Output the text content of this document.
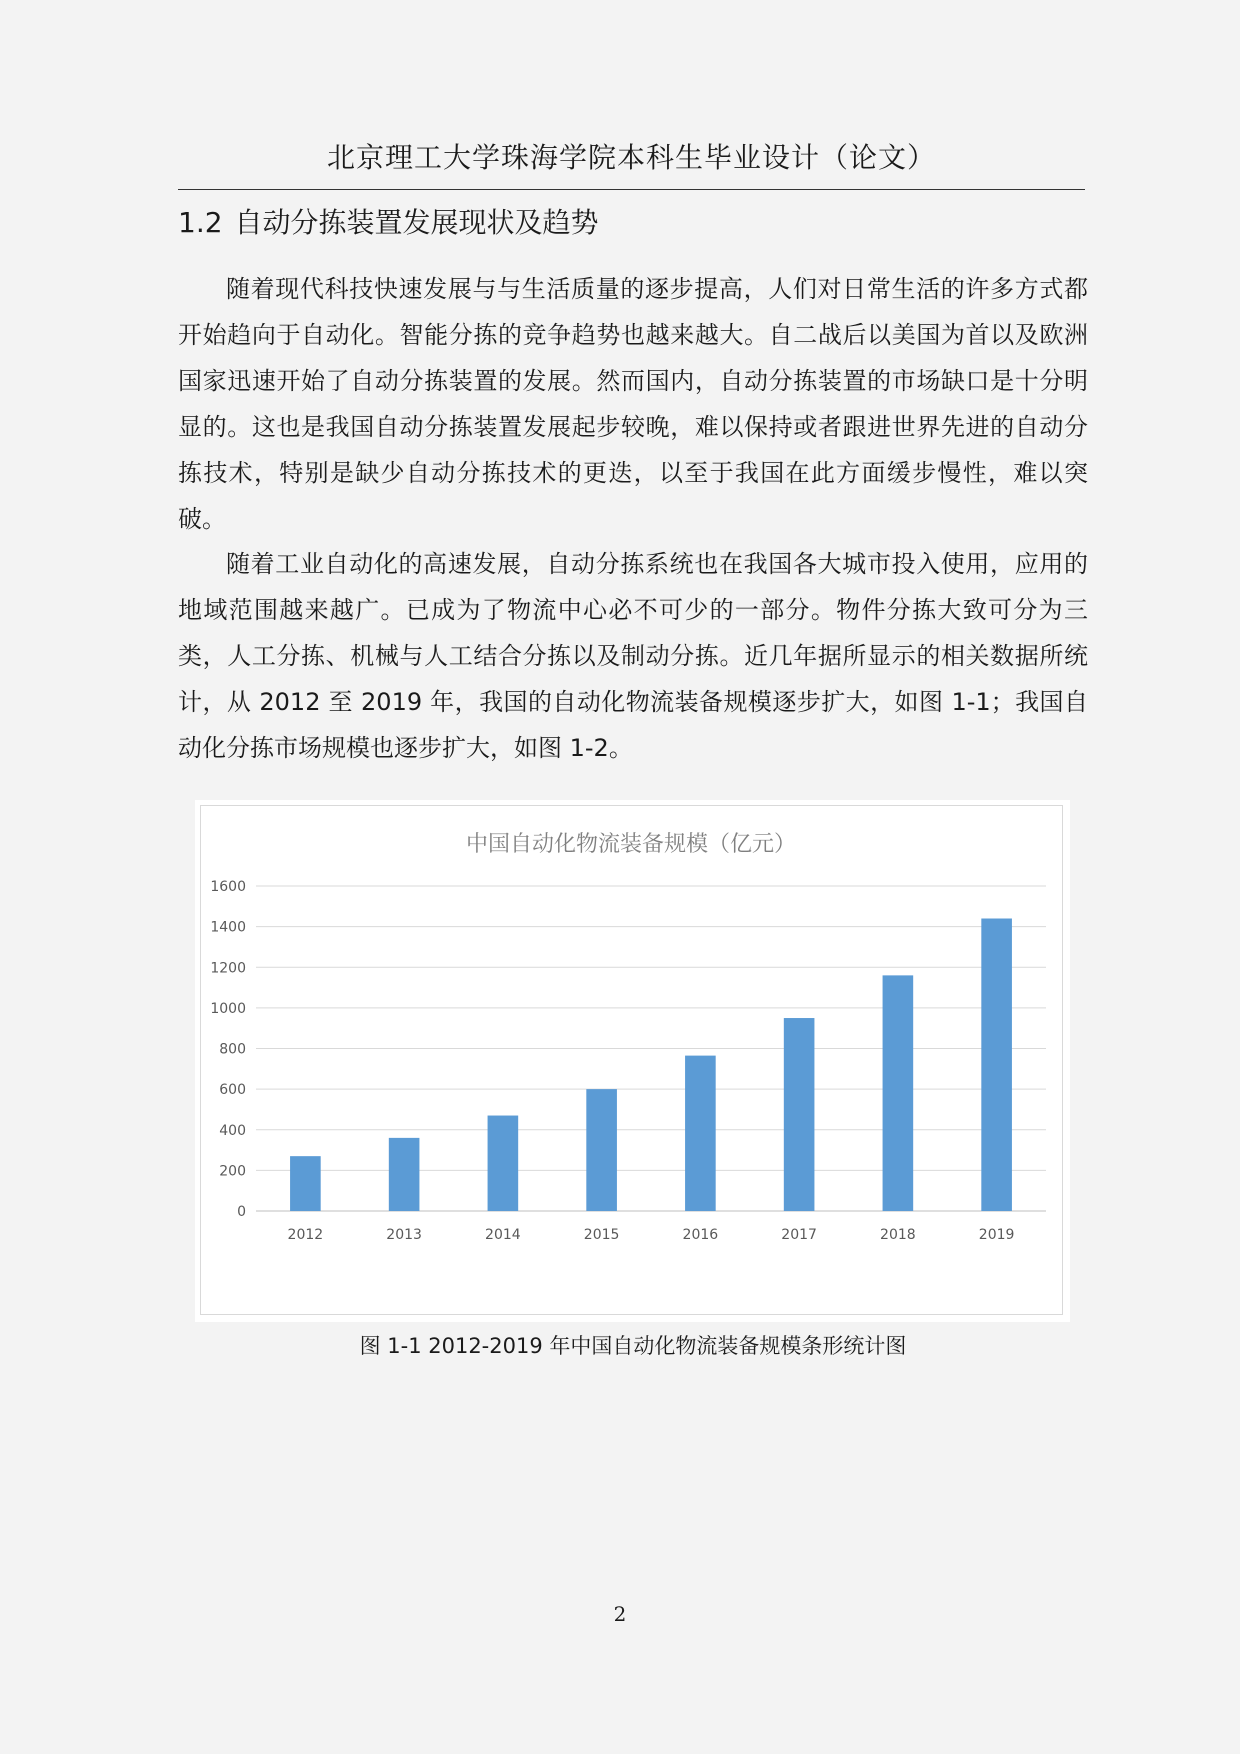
北京理工大学珠海学院本科生毕业设计（论文）
1.2 自动分拣装置发展现状及趋势

随着现代科技快速发展与与生活质量的逐步提高，人们对日常生活的许多方式都开始趋向于自动化。智能分拣的竞争趋势也越来越大。自二战后以美国为首以及欧洲国家迅速开始了自动分拣装置的发展。然而国内，自动分拣装置的市场缺口是十分明显的。这也是我国自动分拣装置发展起步较晚，难以保持或者跟进世界先进的自动分拣技术，特别是缺少自动分拣技术的更迭，以至于我国在此方面缓步慢性，难以突破。

随着工业自动化的高速发展，自动分拣系统也在我国各大城市投入使用，应用的地域范围越来越广。已成为了物流中心必不可少的一部分。物件分拣大致可分为三类，人工分拣、机械与人工结合分拣以及制动分拣。近几年据所显示的相关数据所统计，从 2012 至 2019 年，我国的自动化物流装备规模逐步扩大，如图 1-1；我国自动化分拣市场规模也逐步扩大，如图 1-2。

中国自动化物流装备规模（亿元）
0
200
400
600
800
1000
1200
1400
1600
2012	2013	2014	2015	2016	2017	2018	2019
图 1-1 2012-2019 年中国自动化物流装备规模条形统计图
2
